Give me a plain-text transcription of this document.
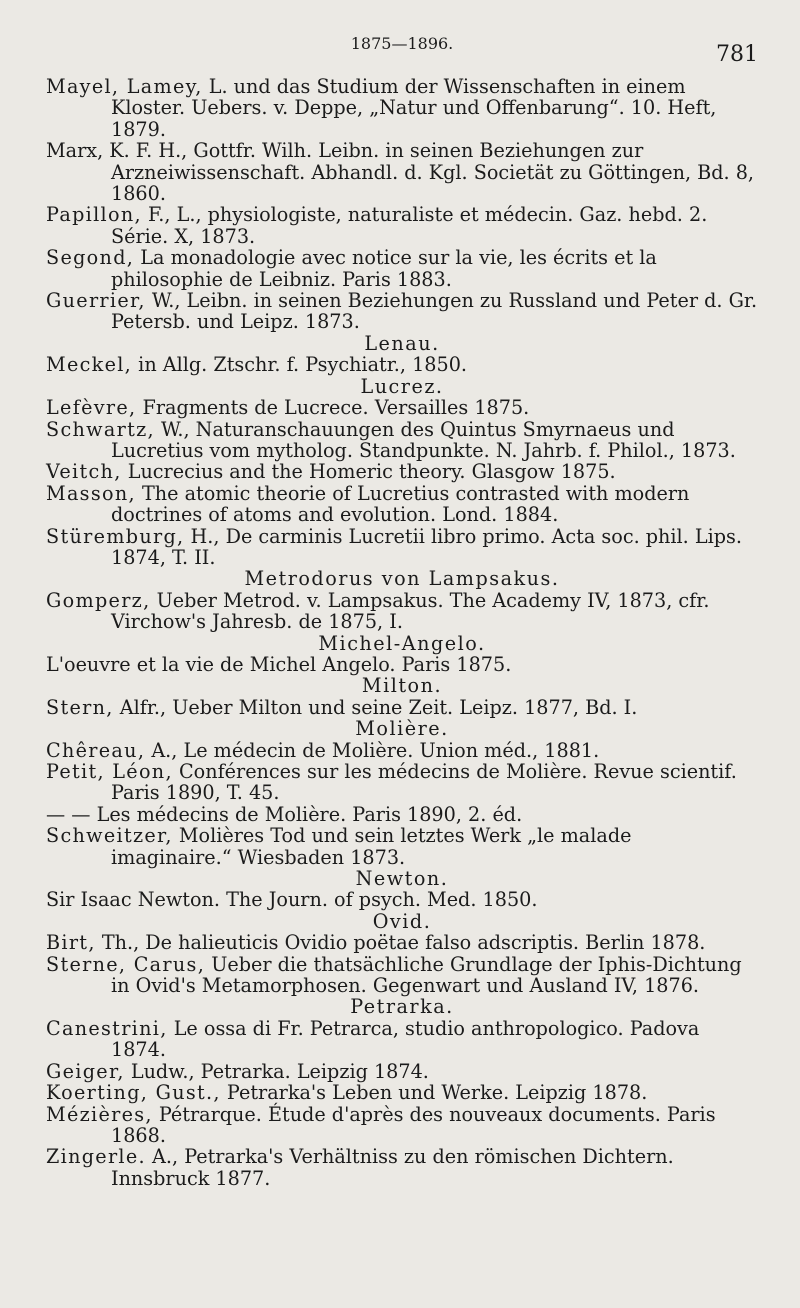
1875—1896.	781
Mayel, Lamey, L. und das Studium der Wissenschaften in einem Kloster. Uebers. v. Deppe, „Natur und Offenbarung“. 10. Heft, 1879.
Marx, K. F. H., Gottfr. Wilh. Leibn. in seinen Beziehungen zur Arzneiwissenschaft. Abhandl. d. Kgl. Societät zu Göttingen, Bd. 8, 1860.
Papillon, F., L., physiologiste, naturaliste et médecin. Gaz. hebd. 2. Série. X, 1873.
Segond, La monadologie avec notice sur la vie, les écrits et la philosophie de Leibniz. Paris 1883.
Guerrier, W., Leibn. in seinen Beziehungen zu Russland und Peter d. Gr. Petersb. und Leipz. 1873.
Lenau.
Meckel, in Allg. Ztschr. f. Psychiatr., 1850.
Lucrez.
Lefèvre, Fragments de Lucrece. Versailles 1875.
Schwartz, W., Naturanschauungen des Quintus Smyrnaeus und Lucretius vom mytholog. Standpunkte. N. Jahrb. f. Philol., 1873.
Veitch, Lucrecius and the Homeric theory. Glasgow 1875.
Masson, The atomic theorie of Lucretius contrasted with modern doctrines of atoms and evolution. Lond. 1884.
Stüremburg, H., De carminis Lucretii libro primo. Acta soc. phil. Lips. 1874, T. II.
Metrodorus von Lampsakus.
Gomperz, Ueber Metrod. v. Lampsakus. The Academy IV, 1873, cfr. Virchow's Jahresb. de 1875, I.
Michel-Angelo.
L'oeuvre et la vie de Michel Angelo. Paris 1875.
Milton.
Stern, Alfr., Ueber Milton und seine Zeit. Leipz. 1877, Bd. I.
Molière.
Chêreau, A., Le médecin de Molière. Union méd., 1881.
Petit, Léon, Conférences sur les médecins de Molière. Revue scientif. Paris 1890, T. 45.
— — Les médecins de Molière. Paris 1890, 2. éd.
Schweitzer, Molières Tod und sein letztes Werk „le malade imaginaire.“ Wiesbaden 1873.
Newton.
Sir Isaac Newton. The Journ. of psych. Med. 1850.
Ovid.
Birt, Th., De halieuticis Ovidio poëtae falso adscriptis. Berlin 1878.
Sterne, Carus, Ueber die thatsächliche Grundlage der Iphis-Dichtung in Ovid's Metamorphosen. Gegenwart und Ausland IV, 1876.
Petrarka.
Canestrini, Le ossa di Fr. Petrarca, studio anthropologico. Padova 1874.
Geiger, Ludw., Petrarka. Leipzig 1874.
Koerting, Gust., Petrarka's Leben und Werke. Leipzig 1878.
Mézières, Pétrarque. Étude d'après des nouveaux documents. Paris 1868.
Zingerle. A., Petrarka's Verhältniss zu den römischen Dichtern. Innsbruck 1877.
